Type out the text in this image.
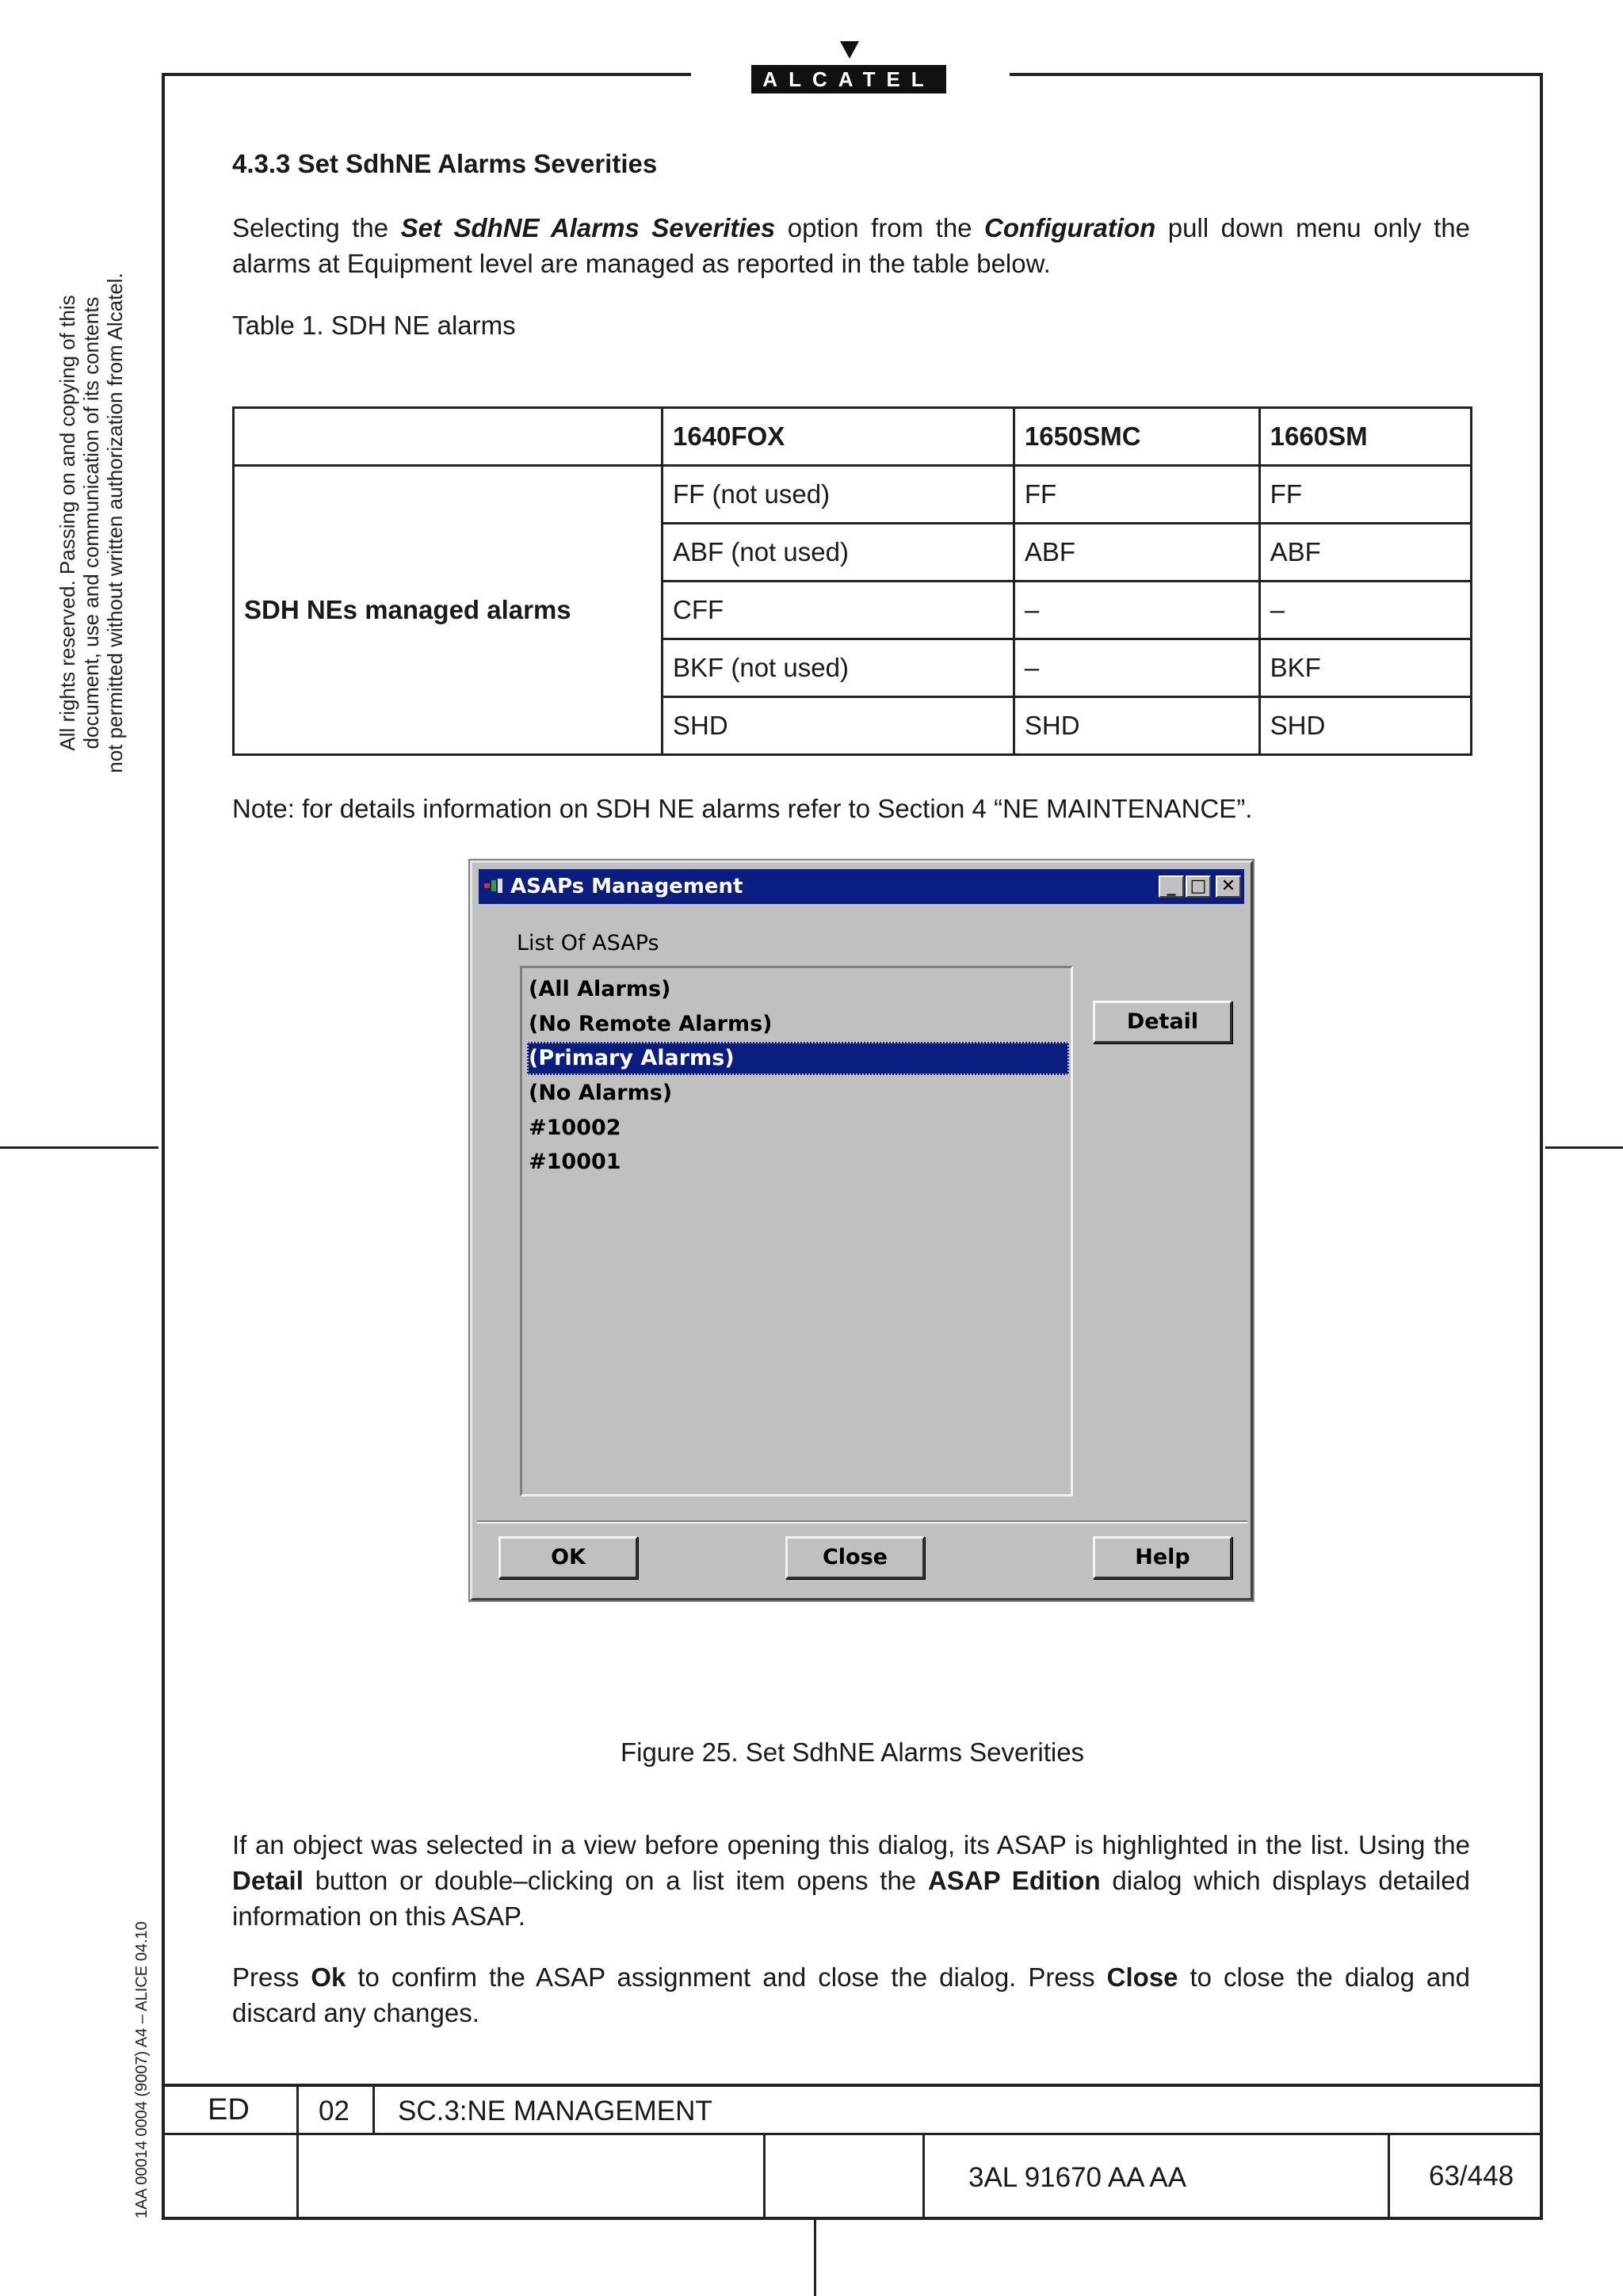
ALCATEL
All rights reserved. Passing on and copying of this document, use and communication of its contents not permitted without written authorization from Alcatel.
1AA 00014 0004 (9007) A4 – ALICE 04.10
4.3.3 Set SdhNE Alarms Severities
Selecting the Set SdhNE Alarms Severities option from the Configuration pull down menu only the alarms at Equipment level are managed as reported in the table below.
Table 1. SDH NE alarms
	1640FOX	1650SMC	1660SM
SDH NEs managed alarms	FF (not used)	FF	FF
	ABF (not used)	ABF	ABF
	CFF	–	–
	BKF (not used)	–	BKF
	SHD	SHD	SHD
Note: for details information on SDH NE alarms refer to Section 4 “NE MAINTENANCE”.
ASAPs Management	_ □ ✕
List Of ASAPs
(All Alarms)
(No Remote Alarms)
(Primary Alarms)
(No Alarms)
#10002
#10001
Detail
OK	Close	Help
Figure 25. Set SdhNE Alarms Severities
If an object was selected in a view before opening this dialog, its ASAP is highlighted in the list. Using the Detail button or double–clicking on a list item opens the ASAP Edition dialog which displays detailed information on this ASAP.
Press Ok to confirm the ASAP assignment and close the dialog. Press Close to close the dialog and discard any changes.
ED 02 SC.3:NE MANAGEMENT
3AL 91670 AA AA	63/448
